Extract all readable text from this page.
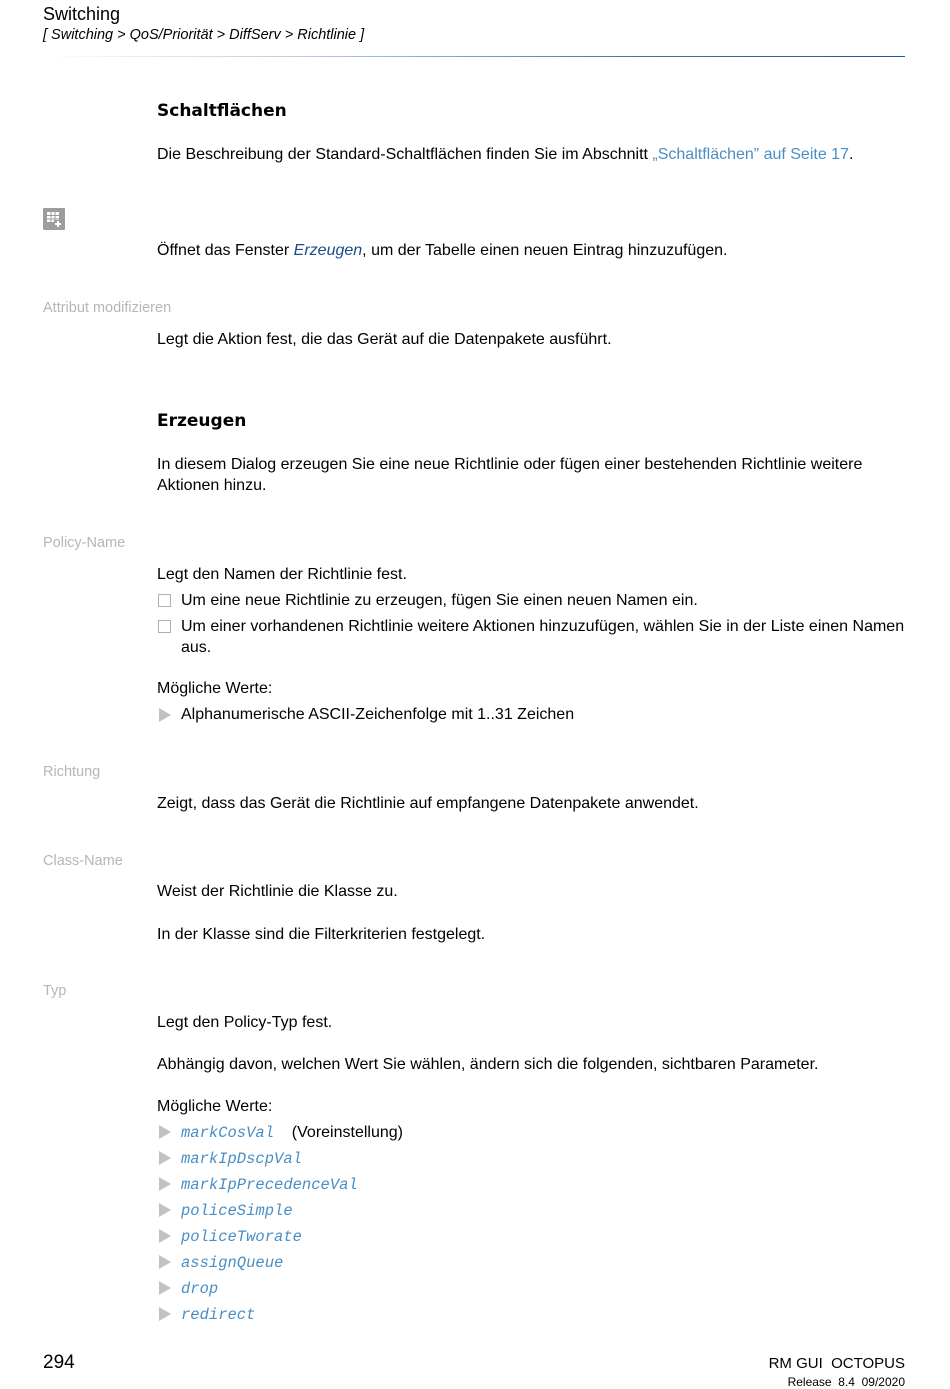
Switching
[ Switching > QoS/Priorität > DiffServ > Richtlinie ]
Schaltflächen
Die Beschreibung der Standard-Schaltflächen finden Sie im Abschnitt „Schaltflächen” auf Seite 17.
Öffnet das Fenster Erzeugen, um der Tabelle einen neuen Eintrag hinzuzufügen.
Attribut modifizieren
Legt die Aktion fest, die das Gerät auf die Datenpakete ausführt.
Erzeugen
In diesem Dialog erzeugen Sie eine neue Richtlinie oder fügen einer bestehenden Richtlinie weitere Aktionen hinzu.
Policy-Name
Legt den Namen der Richtlinie fest.
Um eine neue Richtlinie zu erzeugen, fügen Sie einen neuen Namen ein.
Um einer vorhandenen Richtlinie weitere Aktionen hinzuzufügen, wählen Sie in der Liste einen Namen aus.
Mögliche Werte:
Alphanumerische ASCII-Zeichenfolge mit 1..31 Zeichen
Richtung
Zeigt, dass das Gerät die Richtlinie auf empfangene Datenpakete anwendet.
Class-Name
Weist der Richtlinie die Klasse zu.
In der Klasse sind die Filterkriterien festgelegt.
Typ
Legt den Policy-Typ fest.
Abhängig davon, welchen Wert Sie wählen, ändern sich die folgenden, sichtbaren Parameter.
Mögliche Werte:
markCosVal (Voreinstellung)
markIpDscpVal
markIpPrecedenceVal
policeSimple
policeTworate
assignQueue
drop
redirect
294	RM GUI  OCTOPUS
Release  8.4  09/2020
